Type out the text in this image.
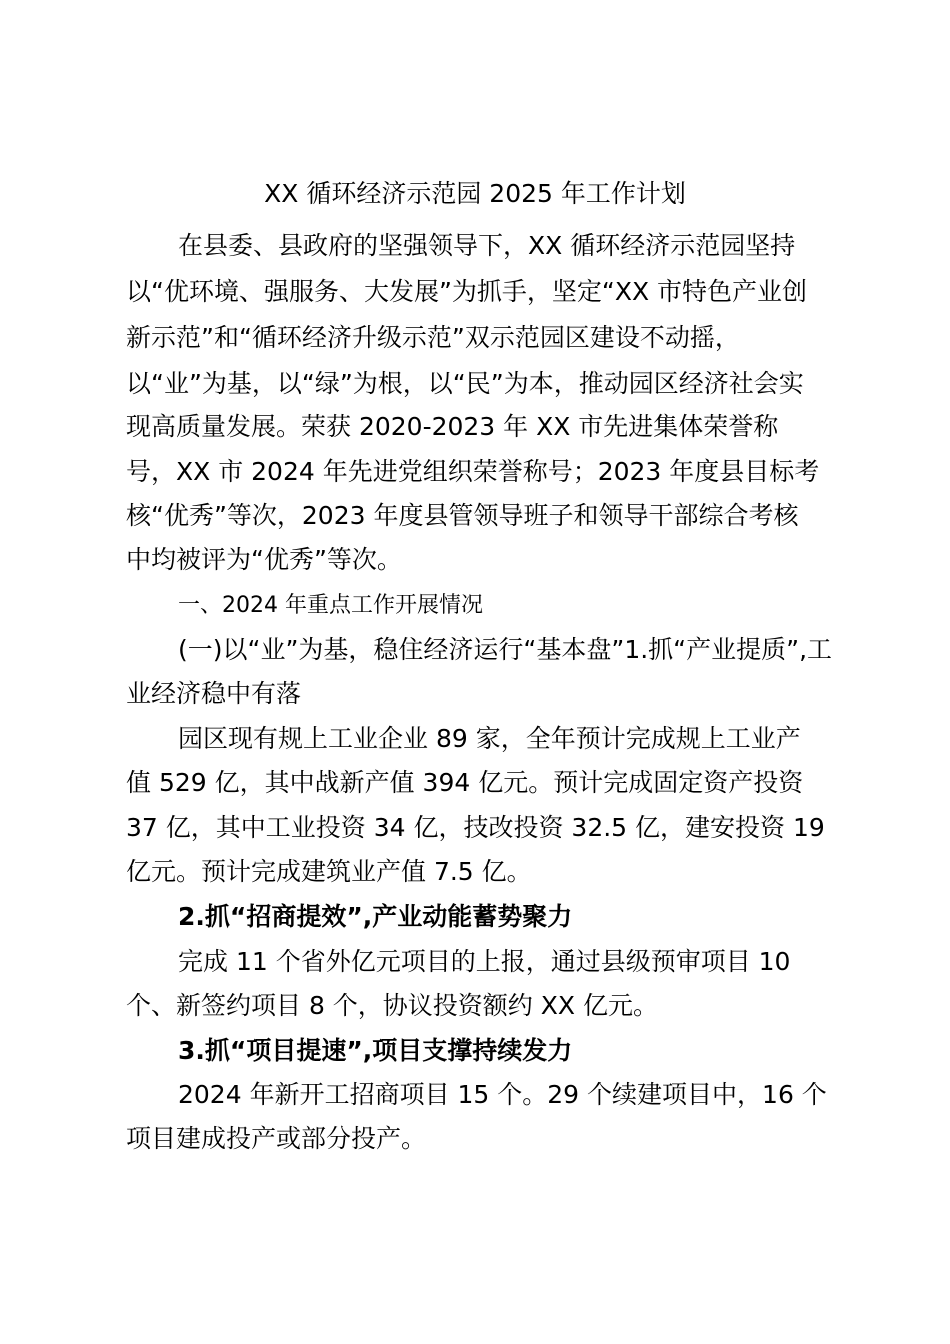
XX 循环经济示范园 2025 年工作计划
在县委、县政府的坚强领导下，XX 循环经济示范园坚持
以“优环境、强服务、大发展”为抓手，坚定“XX 市特色产业创
新示范”和“循环经济升级示范”双示范园区建设不动摇，
以“业”为基，以“绿”为根，以“民”为本，推动园区经济社会实
现高质量发展。荣获 2020-2023 年 XX 市先进集体荣誉称
号，XX 市 2024 年先进党组织荣誉称号；2023 年度县目标考
核“优秀”等次，2023 年度县管领导班子和领导干部综合考核
中均被评为“优秀”等次。
一、2024 年重点工作开展情况
(一)以“业”为基，稳住经济运行“基本盘”1.抓“产业提质”,工
业经济稳中有落
园区现有规上工业企业 89 家，全年预计完成规上工业产
值 529 亿，其中战新产值 394 亿元。预计完成固定资产投资
37 亿，其中工业投资 34 亿，技改投资 32.5 亿，建安投资 19
亿元。预计完成建筑业产值 7.5 亿。
2.抓“招商提效”,产业动能蓄势聚力
完成 11 个省外亿元项目的上报，通过县级预审项目 10
个、新签约项目 8 个，协议投资额约 XX 亿元。
3.抓“项目提速”,项目支撑持续发力
2024 年新开工招商项目 15 个。29 个续建项目中，16 个
项目建成投产或部分投产。
